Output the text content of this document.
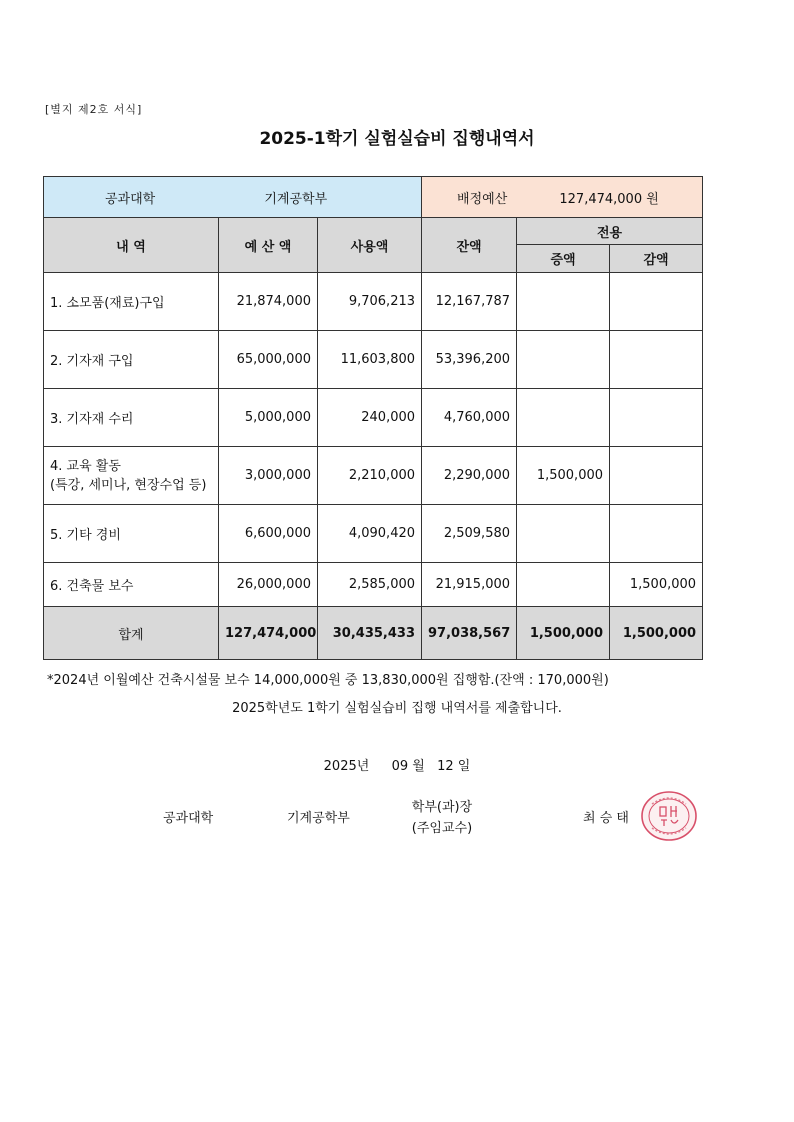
[별지 제2호 서식]
2025-1학기 실험실습비 집행내역서
공과대학 기계공학부			배정예산 127,474,000 원		
내 역	예 산 액	사용액	잔액	전용	
				증액	감액
1. 소모품(재료)구입	21,874,000	9,706,213	12,167,787		
2. 기자재 구입	65,000,000	11,603,800	53,396,200		
3. 기자재 수리	5,000,000	240,000	4,760,000		
4. 교육 활동
(특강, 세미나, 현장수업 등)	3,000,000	2,210,000	2,290,000	1,500,000	
5. 기타 경비	6,600,000	4,090,420	2,509,580		
6. 건축물 보수	26,000,000	2,585,000	21,915,000		1,500,000
합계	127,474,000	30,435,433	97,038,567	1,500,000	1,500,000
*2024년 이월예산 건축시설물 보수 14,000,000원 중 13,830,000원 집행함.(잔액 : 170,000원)
2025학년도 1학기 실험실습비 집행 내역서를 제출합니다.
2025년 09 월 12 일
공과대학	기계공학부
학부(과)장
(주임교수)
최 승 태
